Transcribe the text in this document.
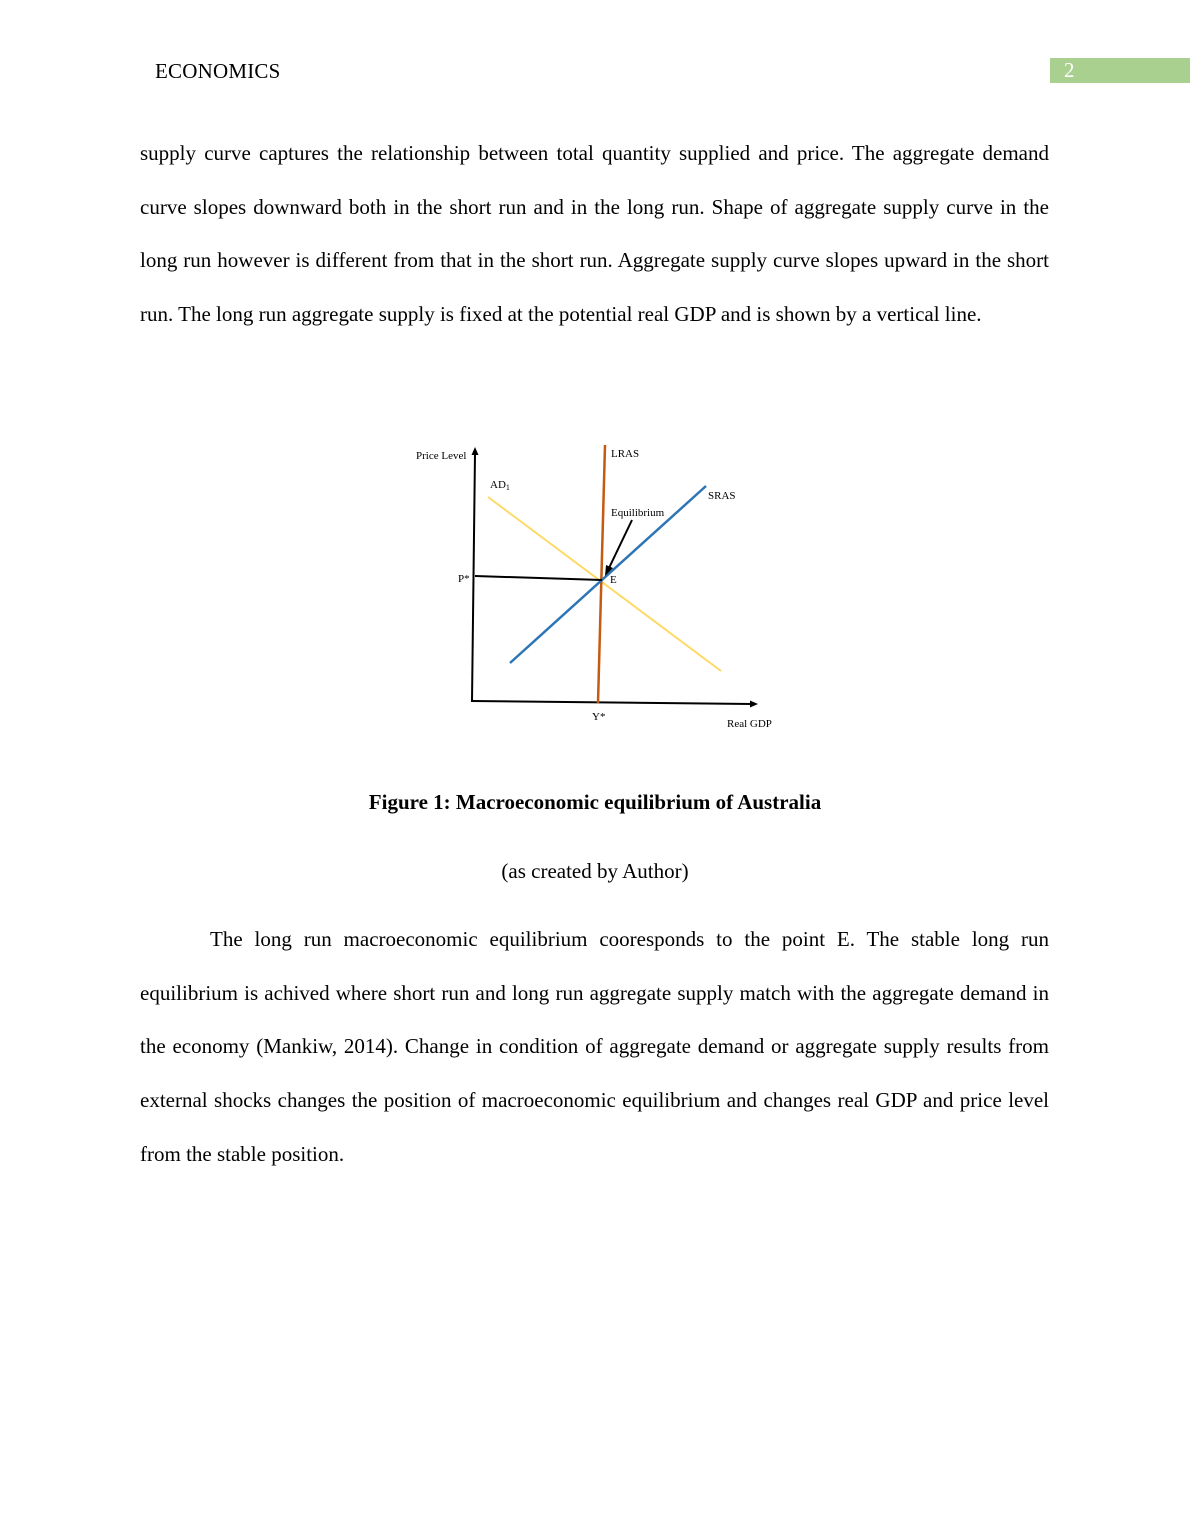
ECONOMICS	2

supply curve captures the relationship between total quantity supplied and price. The aggregate demand curve slopes downward both in the short run and in the long run. Shape of aggregate supply curve in the long run however is different from that in the short run. Aggregate supply curve slopes upward in the short run. The long run aggregate supply is fixed at the potential real GDP and is shown by a vertical line.

Price Level
AD1
LRAS
SRAS
Equilibrium
E
P*
Y*
Real GDP
Figure 1: Macroeconomic equilibrium of Australia
(as created by Author)

The long run macroeconomic equilibrium cooresponds to the point E. The stable long run equilibrium is achived where short run and long run aggregate supply match with the aggregate demand in the economy (Mankiw, 2014). Change in condition of aggregate demand or aggregate supply results from external shocks changes the position of macroeconomic equilibrium and changes real GDP and price level from the stable position.
